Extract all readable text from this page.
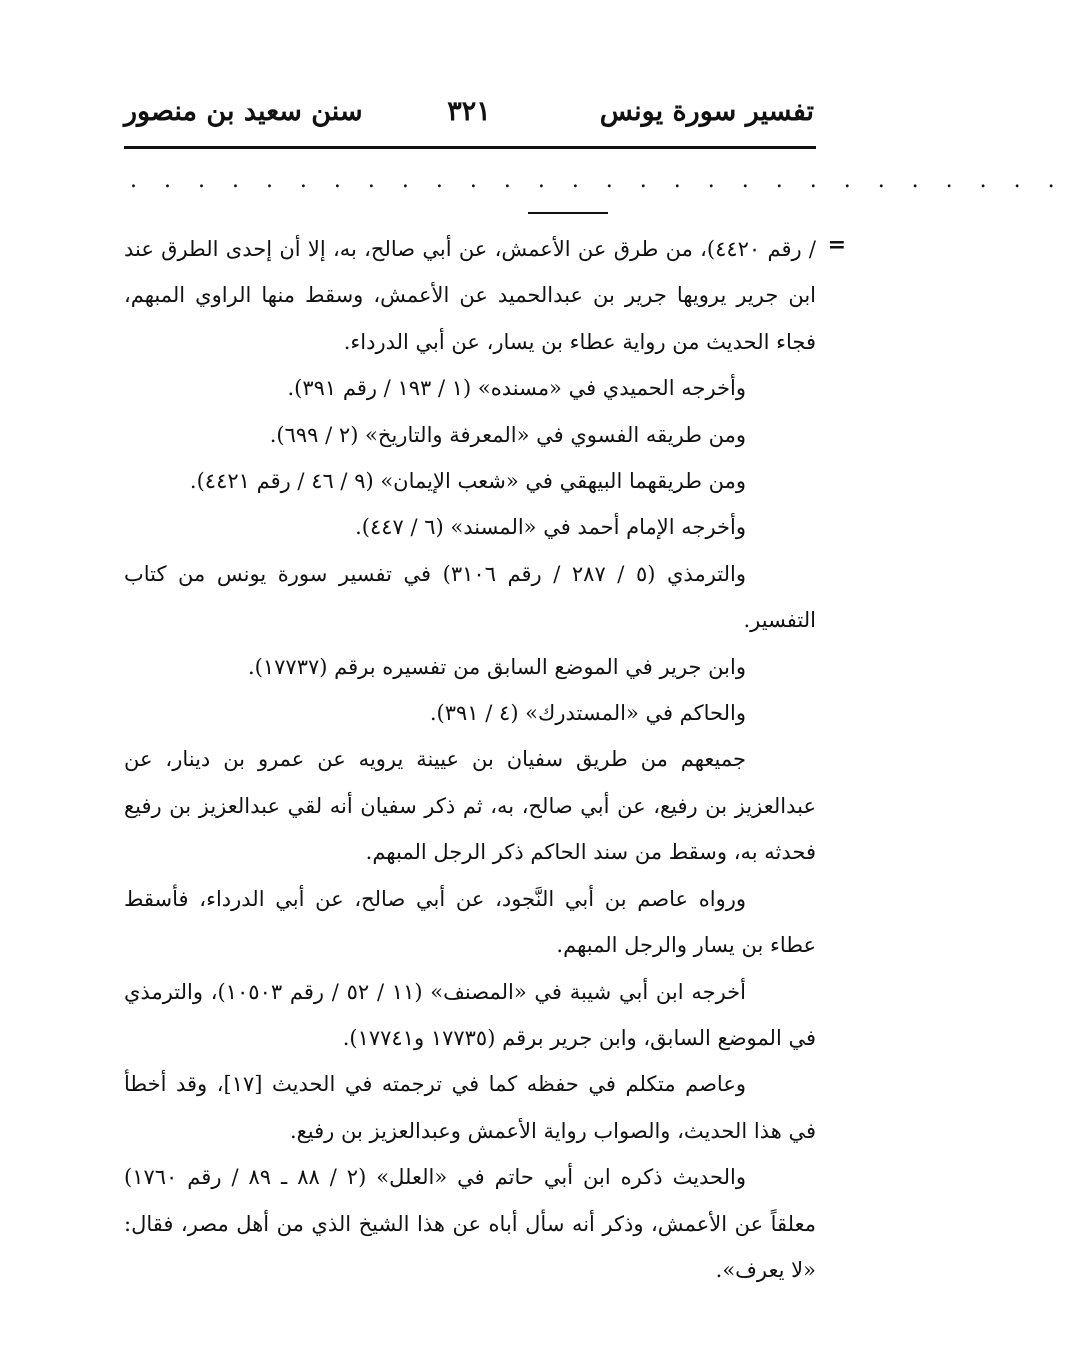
تفسير سورة يونس
٣٢١
سنن سعيد بن منصور
. . . . . . . . . . . . . . . . . . . . . . . . . . . .
=

/ رقم ٤٤٢٠)، من طرق عن الأعمش، عن أبي صالح، به، إلا أن إحدى الطرق عند ابن جرير يرويها جرير بن عبدالحميد عن الأعمش، وسقط منها الراوي المبهم، فجاء الحديث من رواية عطاء بن يسار، عن أبي الدرداء.

وأخرجه الحميدي في «مسنده» (١ / ١٩٣ / رقم ٣٩١).

ومن طريقه الفسوي في «المعرفة والتاريخ» (٢ / ٦٩٩).

ومن طريقهما البيهقي في «شعب الإيمان» (٩ / ٤٦ / رقم ٤٤٢١).

وأخرجه الإمام أحمد في «المسند» (٦ / ٤٤٧).

والترمذي (٥ / ٢٨٧ / رقم ٣١٠٦) في تفسير سورة يونس من كتاب التفسير.

وابن جرير في الموضع السابق من تفسيره برقم (١٧٧٣٧).

والحاكم في «المستدرك» (٤ / ٣٩١).

جميعهم من طريق سفيان بن عيينة يرويه عن عمرو بن دينار، عن عبدالعزيز بن رفيع، عن أبي صالح، به، ثم ذكر سفيان أنه لقي عبدالعزيز بن رفيع فحدثه به، وسقط من سند الحاكم ذكر الرجل المبهم.

ورواه عاصم بن أبي النَّجود، عن أبي صالح، عن أبي الدرداء، فأسقط عطاء بن يسار والرجل المبهم.

أخرجه ابن أبي شيبة في «المصنف» (١١ / ٥٢ / رقم ١٠٥٠٣)، والترمذي في الموضع السابق، وابن جرير برقم (١٧٧٣٥ و١٧٧٤١).

وعاصم متكلم في حفظه كما في ترجمته في الحديث [١٧]، وقد أخطأ في هذا الحديث، والصواب رواية الأعمش وعبدالعزيز بن رفيع.

والحديث ذكره ابن أبي حاتم في «العلل» (٢ / ٨٨ ـ ٨٩ / رقم ١٧٦٠) معلقاً عن الأعمش، وذكر أنه سأل أباه عن هذا الشيخ الذي من أهل مصر، فقال: «لا يعرف».
